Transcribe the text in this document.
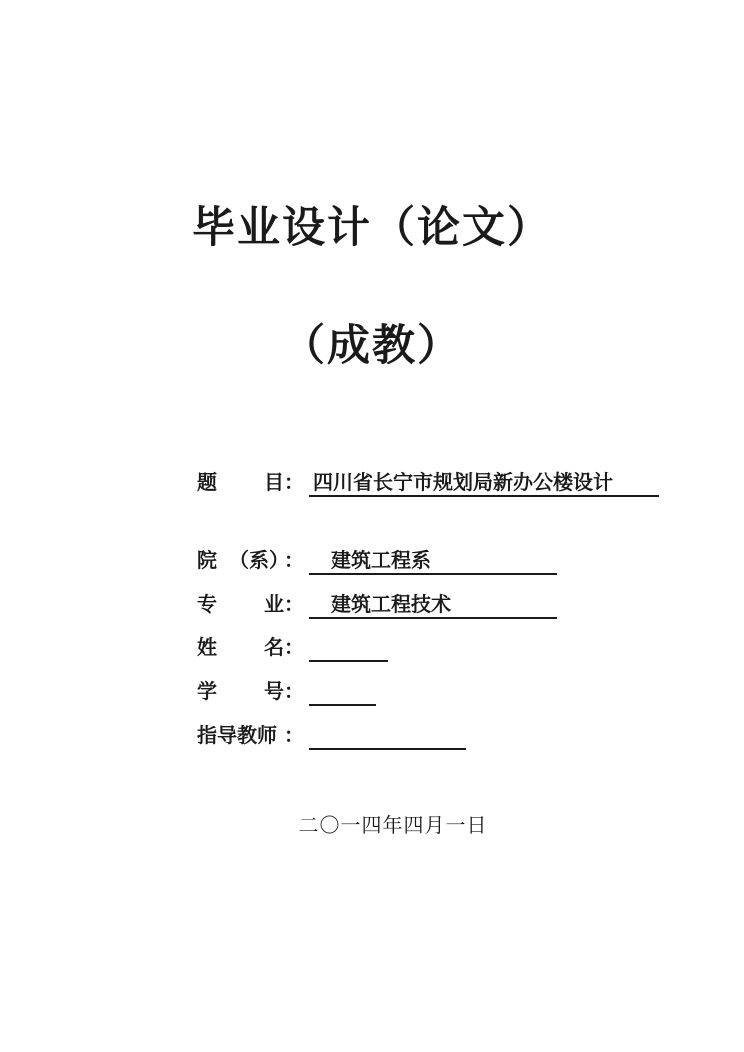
毕业设计（论文）
（成教）
题 目 ： 四川省长宁市规划局新办公楼设计
院 （系）
： 建筑工程系
专 业 ： 建筑工程技术
姓 名 ：
学 号 ：
指导教师 ：
二〇一四年四月一日
